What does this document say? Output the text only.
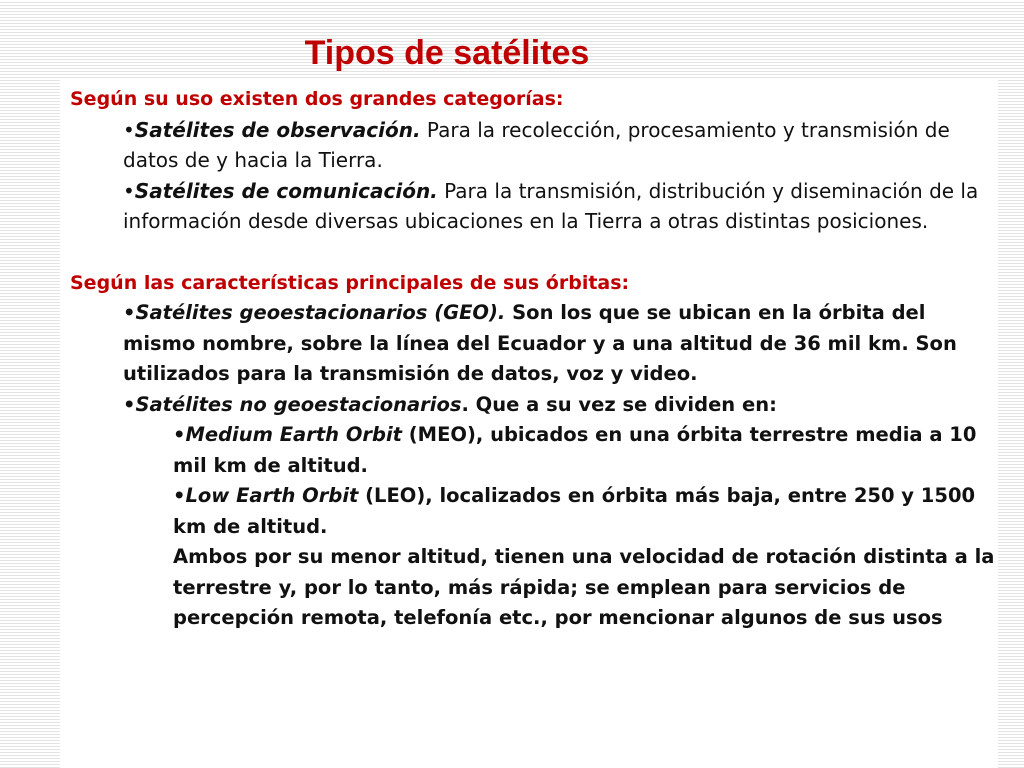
Tipos de satélites

Según su uso existen dos grandes categorías:

•Satélites de observación. Para la recolección, procesamiento y transmisión de datos de y hacia la Tierra.

•Satélites de comunicación. Para la transmisión, distribución y diseminación de la información desde diversas ubicaciones en la Tierra a otras distintas posiciones.

Según las características principales de sus órbitas:

•Satélites geoestacionarios (GEO). Son los que se ubican en la órbita del mismo nombre, sobre la línea del Ecuador y a una altitud de 36 mil km. Son utilizados para la transmisión de datos, voz y video.

•Satélites no geoestacionarios. Que a su vez se dividen en:

•Medium Earth Orbit (MEO), ubicados en una órbita terrestre media a 10 mil km de altitud.

•Low Earth Orbit (LEO), localizados en órbita más baja, entre 250 y 1500 km de altitud.

Ambos por su menor altitud, tienen una velocidad de rotación distinta a la terrestre y, por lo tanto, más rápida; se emplean para servicios de percepción remota, telefonía etc., por mencionar algunos de sus usos
